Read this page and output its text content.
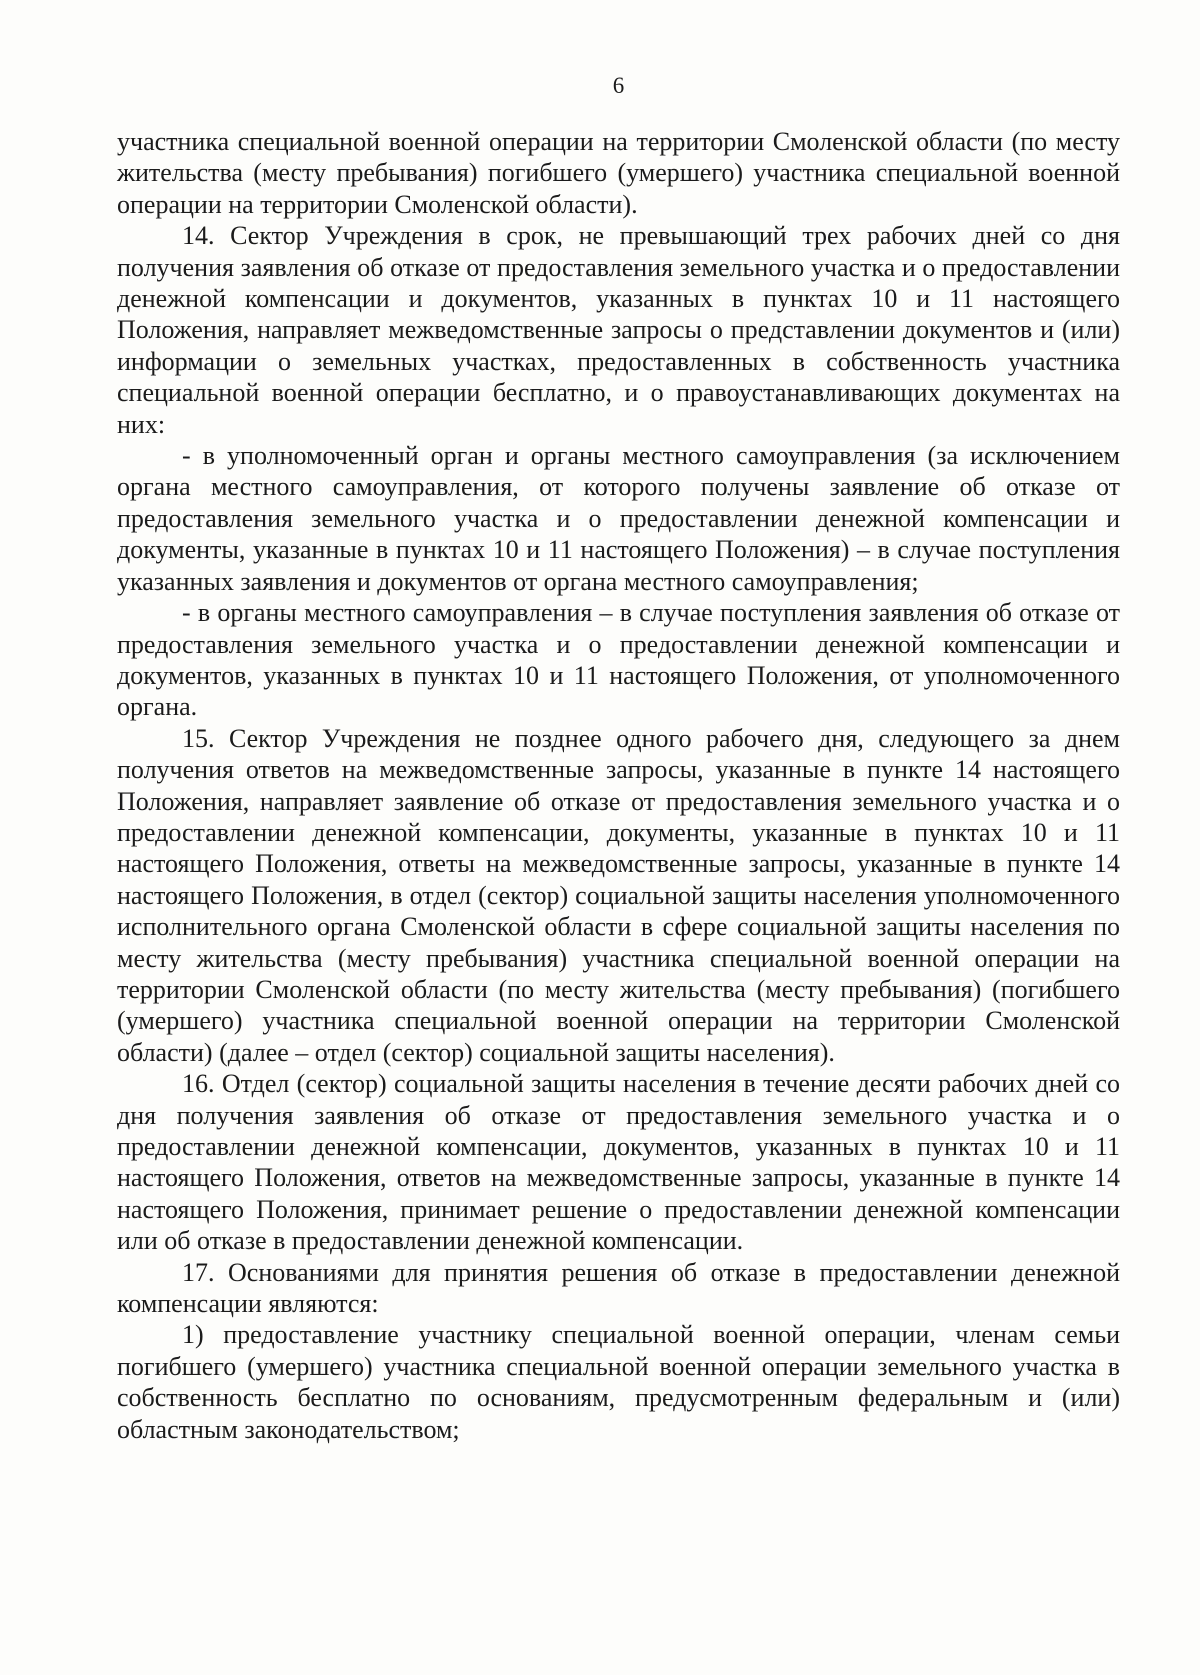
6

участника специальной военной операции на территории Смоленской области (по месту жительства (месту пребывания) погибшего (умершего) участника специальной военной операции на территории Смоленской области).

14. Сектор Учреждения в срок, не превышающий трех рабочих дней со дня получения заявления об отказе от предоставления земельного участка и о предоставлении денежной компенсации и документов, указанных в пунктах 10 и 11 настоящего Положения, направляет межведомственные запросы о представлении документов и (или) информации о земельных участках, предоставленных в собственность участника специальной военной операции бесплатно, и о правоустанавливающих документах на них:

- в уполномоченный орган и органы местного самоуправления (за исключением органа местного самоуправления, от которого получены заявление об отказе от предоставления земельного участка и о предоставлении денежной компенсации и документы, указанные в пунктах 10 и 11 настоящего Положения) – в случае поступления указанных заявления и документов от органа местного самоуправления;

- в органы местного самоуправления – в случае поступления заявления об отказе от предоставления земельного участка и о предоставлении денежной компенсации и документов, указанных в пунктах 10 и 11 настоящего Положения, от уполномоченного органа.

15. Сектор Учреждения не позднее одного рабочего дня, следующего за днем получения ответов на межведомственные запросы, указанные в пункте 14 настоящего Положения, направляет заявление об отказе от предоставления земельного участка и о предоставлении денежной компенсации, документы, указанные в пунктах 10 и 11 настоящего Положения, ответы на межведомственные запросы, указанные в пункте 14 настоящего Положения, в отдел (сектор) социальной защиты населения уполномоченного исполнительного органа Смоленской области в сфере социальной защиты населения по месту жительства (месту пребывания) участника специальной военной операции на территории Смоленской области (по месту жительства (месту пребывания) (погибшего (умершего) участника специальной военной операции на территории Смоленской области) (далее – отдел (сектор) социальной защиты населения).

16. Отдел (сектор) социальной защиты населения в течение десяти рабочих дней со дня получения заявления об отказе от предоставления земельного участка и о предоставлении денежной компенсации, документов, указанных в пунктах 10 и 11 настоящего Положения, ответов на межведомственные запросы, указанные в пункте 14 настоящего Положения, принимает решение о предоставлении денежной компенсации или об отказе в предоставлении денежной компенсации.

17. Основаниями для принятия решения об отказе в предоставлении денежной компенсации являются:

1) предоставление участнику специальной военной операции, членам семьи погибшего (умершего) участника специальной военной операции земельного участка в собственность бесплатно по основаниям, предусмотренным федеральным и (или) областным законодательством;
